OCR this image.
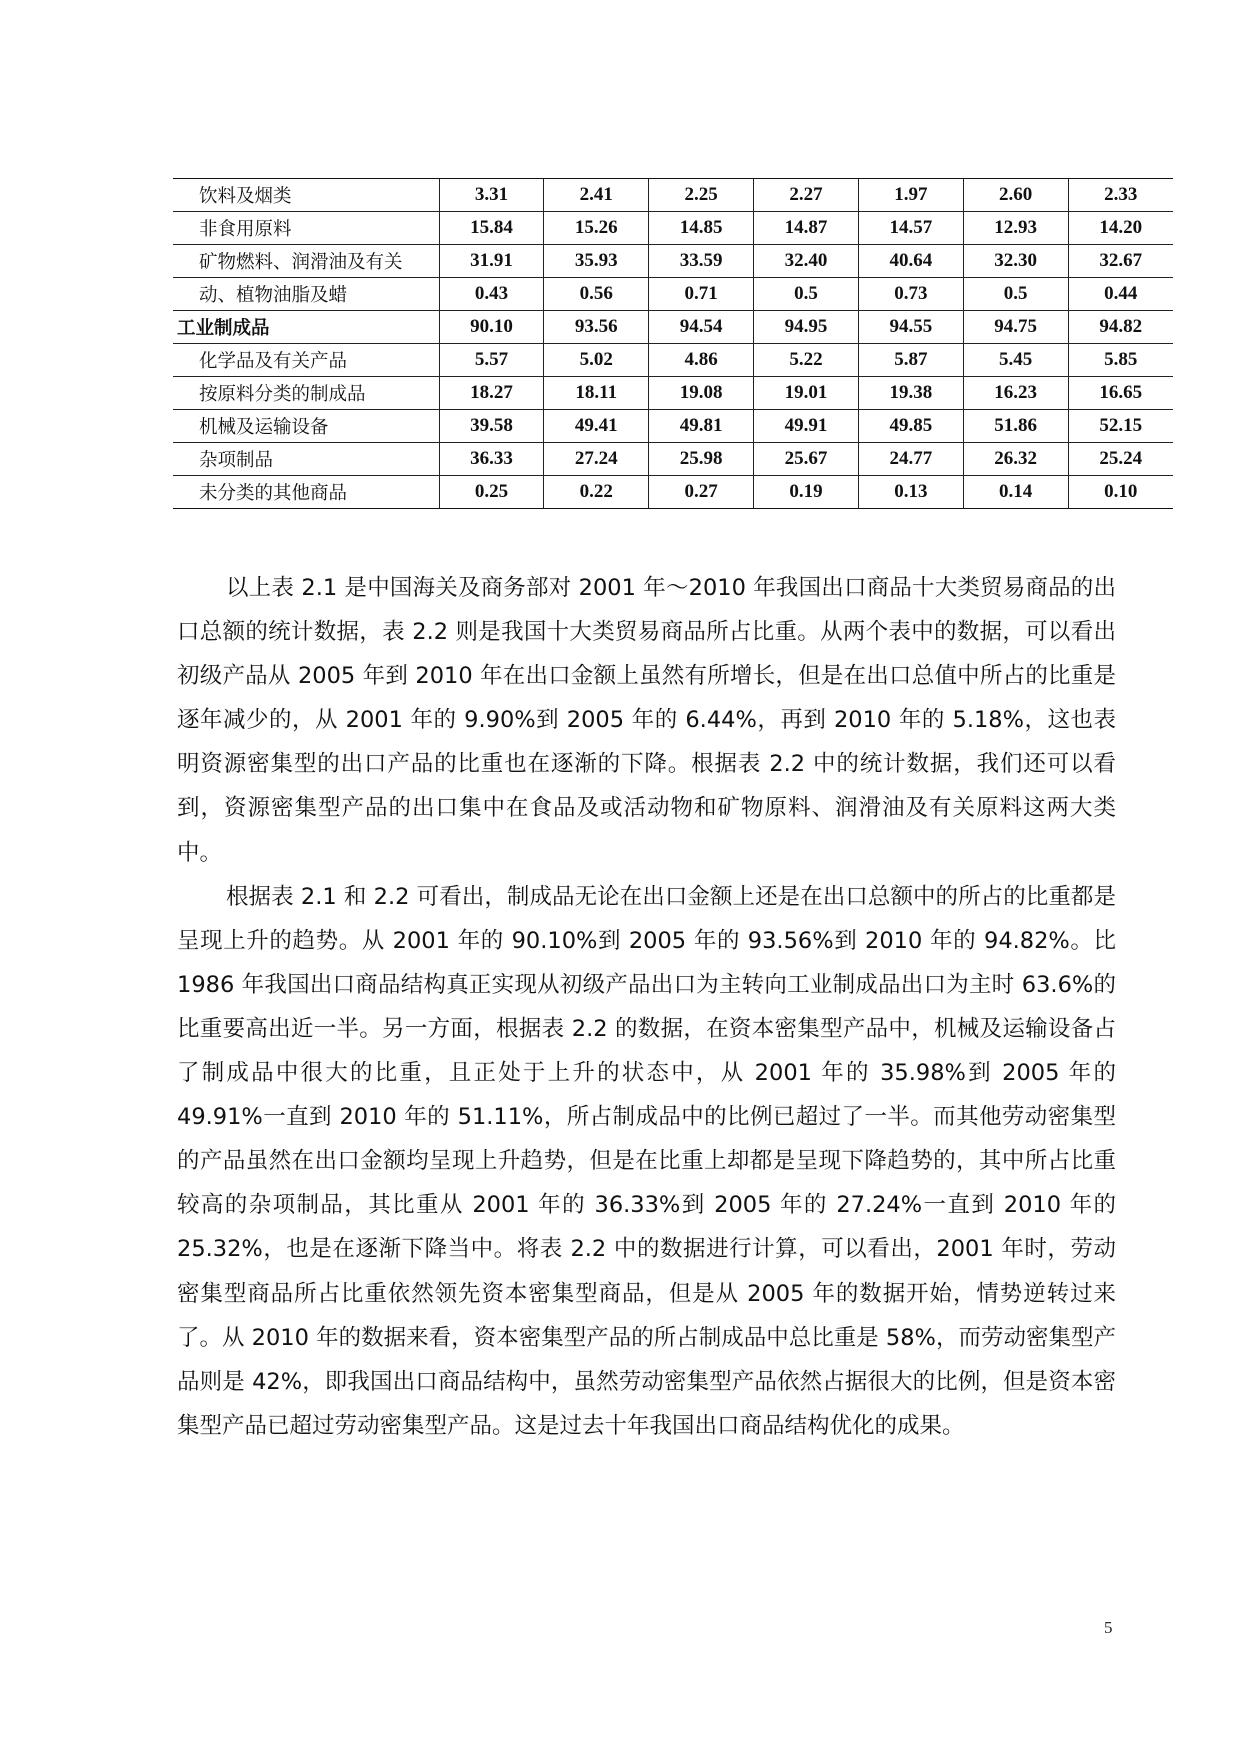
饮料及烟类	3.31	2.41	2.25	2.27	1.97	2.60	2.33
非食用原料	15.84	15.26	14.85	14.87	14.57	12.93	14.20
矿物燃料、润滑油及有关	31.91	35.93	33.59	32.40	40.64	32.30	32.67
动、植物油脂及蜡	0.43	0.56	0.71	0.5	0.73	0.5	0.44
工业制成品	90.10	93.56	94.54	94.95	94.55	94.75	94.82
化学品及有关产品	5.57	5.02	4.86	5.22	5.87	5.45	5.85
按原料分类的制成品	18.27	18.11	19.08	19.01	19.38	16.23	16.65
机械及运输设备	39.58	49.41	49.81	49.91	49.85	51.86	52.15
杂项制品	36.33	27.24	25.98	25.67	24.77	26.32	25.24
未分类的其他商品	0.25	0.22	0.27	0.19	0.13	0.14	0.10

以上表 2.1 是中国海关及商务部对 2001 年～2010 年我国出口商品十大类贸易商品的出口总额的统计数据，表 2.2 则是我国十大类贸易商品所占比重。从两个表中的数据，可以看出初级产品从 2005 年到 2010 年在出口金额上虽然有所增长，但是在出口总值中所占的比重是逐年减少的，从 2001 年的 9.90%到 2005 年的 6.44%，再到 2010 年的 5.18%，这也表明资源密集型的出口产品的比重也在逐渐的下降。根据表 2.2 中的统计数据，我们还可以看到，资源密集型产品的出口集中在食品及或活动物和矿物原料、润滑油及有关原料这两大类中。

根据表 2.1 和 2.2 可看出，制成品无论在出口金额上还是在出口总额中的所占的比重都是呈现上升的趋势。从 2001 年的 90.10%到 2005 年的 93.56%到 2010 年的 94.82%。比 1986 年我国出口商品结构真正实现从初级产品出口为主转向工业制成品出口为主时 63.6%的比重要高出近一半。另一方面，根据表 2.2 的数据，在资本密集型产品中，机械及运输设备占了制成品中很大的比重，且正处于上升的状态中，从 2001 年的 35.98%到 2005 年的 49.91%一直到 2010 年的 51.11%，所占制成品中的比例已超过了一半。而其他劳动密集型的产品虽然在出口金额均呈现上升趋势，但是在比重上却都是呈现下降趋势的，其中所占比重较高的杂项制品，其比重从 2001 年的 36.33%到 2005 年的 27.24%一直到 2010 年的 25.32%，也是在逐渐下降当中。将表 2.2 中的数据进行计算，可以看出，2001 年时，劳动密集型商品所占比重依然领先资本密集型商品，但是从 2005 年的数据开始，情势逆转过来了。从 2010 年的数据来看，资本密集型产品的所占制成品中总比重是 58%，而劳动密集型产品则是 42%，即我国出口商品结构中，虽然劳动密集型产品依然占据很大的比例，但是资本密集型产品已超过劳动密集型产品。这是过去十年我国出口商品结构优化的成果。

5
